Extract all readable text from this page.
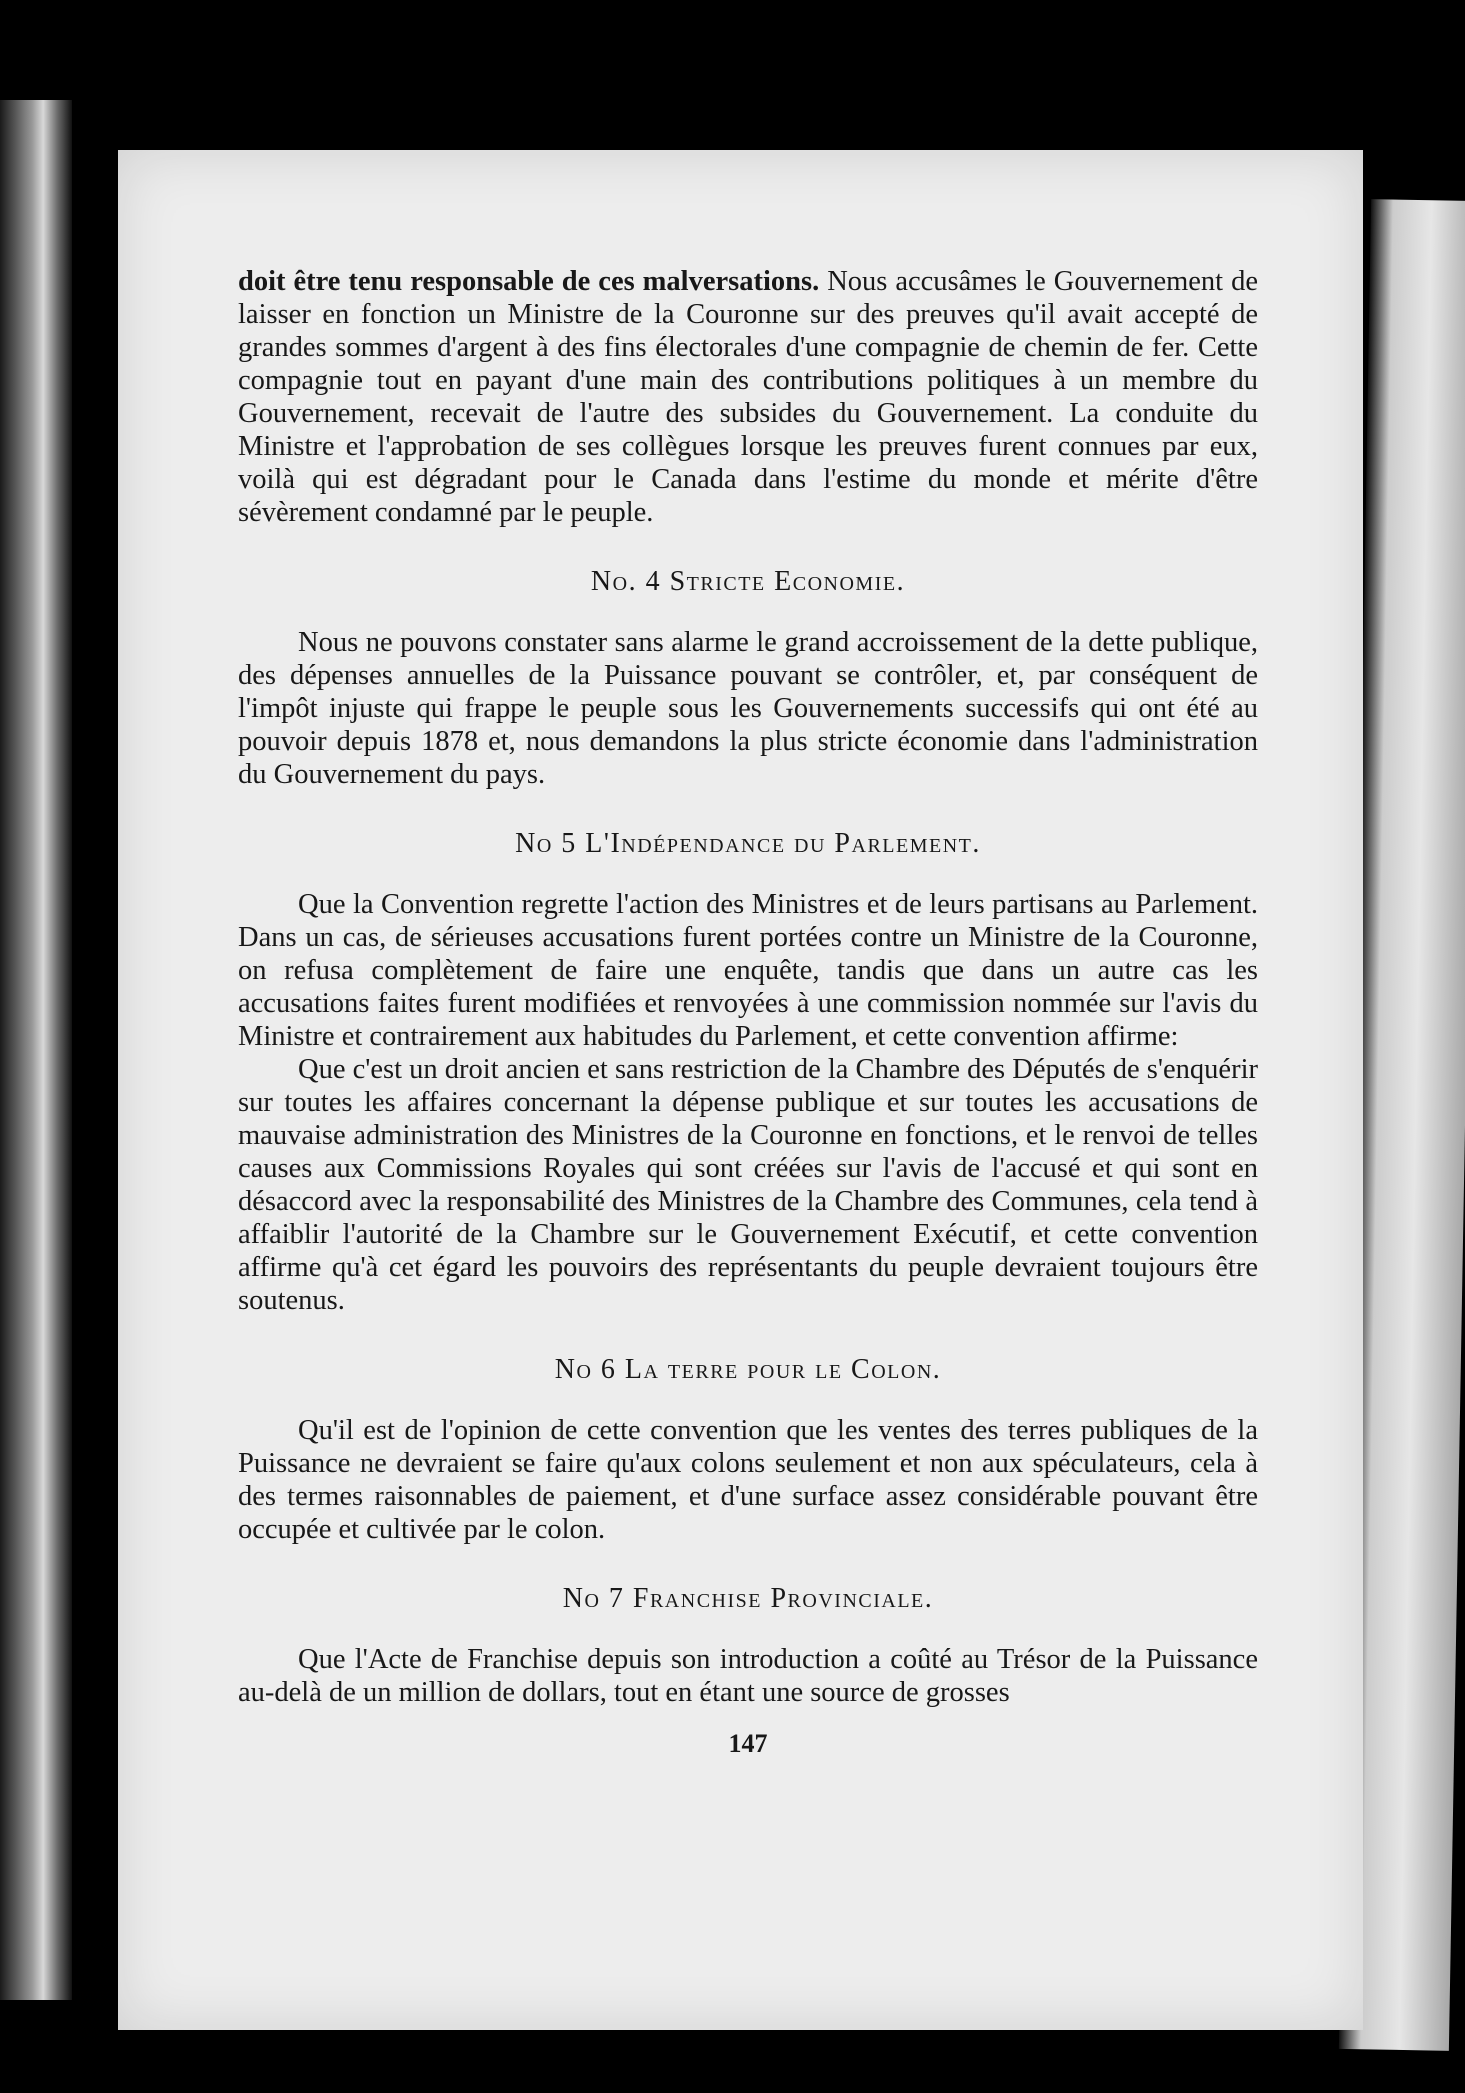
doit être tenu responsable de ces malversations. Nous accusâmes le Gouvernement de laisser en fonction un Ministre de la Couronne sur des preuves qu'il avait accepté de grandes sommes d'argent à des fins électorales d'une compagnie de chemin de fer. Cette compagnie tout en payant d'une main des contributions politiques à un membre du Gouvernement, recevait de l'autre des subsides du Gouvernement. La conduite du Ministre et l'approbation de ses collègues lorsque les preuves furent connues par eux, voilà qui est dégradant pour le Canada dans l'estime du monde et mérite d'être sévèrement condamné par le peuple.

No. 4 Stricte Economie.

Nous ne pouvons constater sans alarme le grand accroissement de la dette publique, des dépenses annuelles de la Puissance pouvant se contrôler, et, par conséquent de l'impôt injuste qui frappe le peuple sous les Gouvernements successifs qui ont été au pouvoir depuis 1878 et, nous demandons la plus stricte économie dans l'administration du Gouvernement du pays.

No 5 L'Indépendance du Parlement.

Que la Convention regrette l'action des Ministres et de leurs partisans au Parlement. Dans un cas, de sérieuses accusations furent portées contre un Ministre de la Couronne, on refusa complètement de faire une enquête, tandis que dans un autre cas les accusations faites furent modifiées et renvoyées à une commission nommée sur l'avis du Ministre et contrairement aux habitudes du Parlement, et cette convention affirme:

Que c'est un droit ancien et sans restriction de la Chambre des Députés de s'enquérir sur toutes les affaires concernant la dépense publique et sur toutes les accusations de mauvaise administration des Ministres de la Couronne en fonctions, et le renvoi de telles causes aux Commissions Royales qui sont créées sur l'avis de l'accusé et qui sont en désaccord avec la responsabilité des Ministres de la Chambre des Communes, cela tend à affaiblir l'autorité de la Chambre sur le Gouvernement Exécutif, et cette convention affirme qu'à cet égard les pouvoirs des représentants du peuple devraient toujours être soutenus.

No 6 La terre pour le Colon.

Qu'il est de l'opinion de cette convention que les ventes des terres publiques de la Puissance ne devraient se faire qu'aux colons seulement et non aux spéculateurs, cela à des termes raisonnables de paiement, et d'une surface assez considérable pouvant être occupée et cultivée par le colon.

No 7 Franchise Provinciale.

Que l'Acte de Franchise depuis son introduction a coûté au Trésor de la Puissance au-delà de un million de dollars, tout en étant une source de grosses

147
